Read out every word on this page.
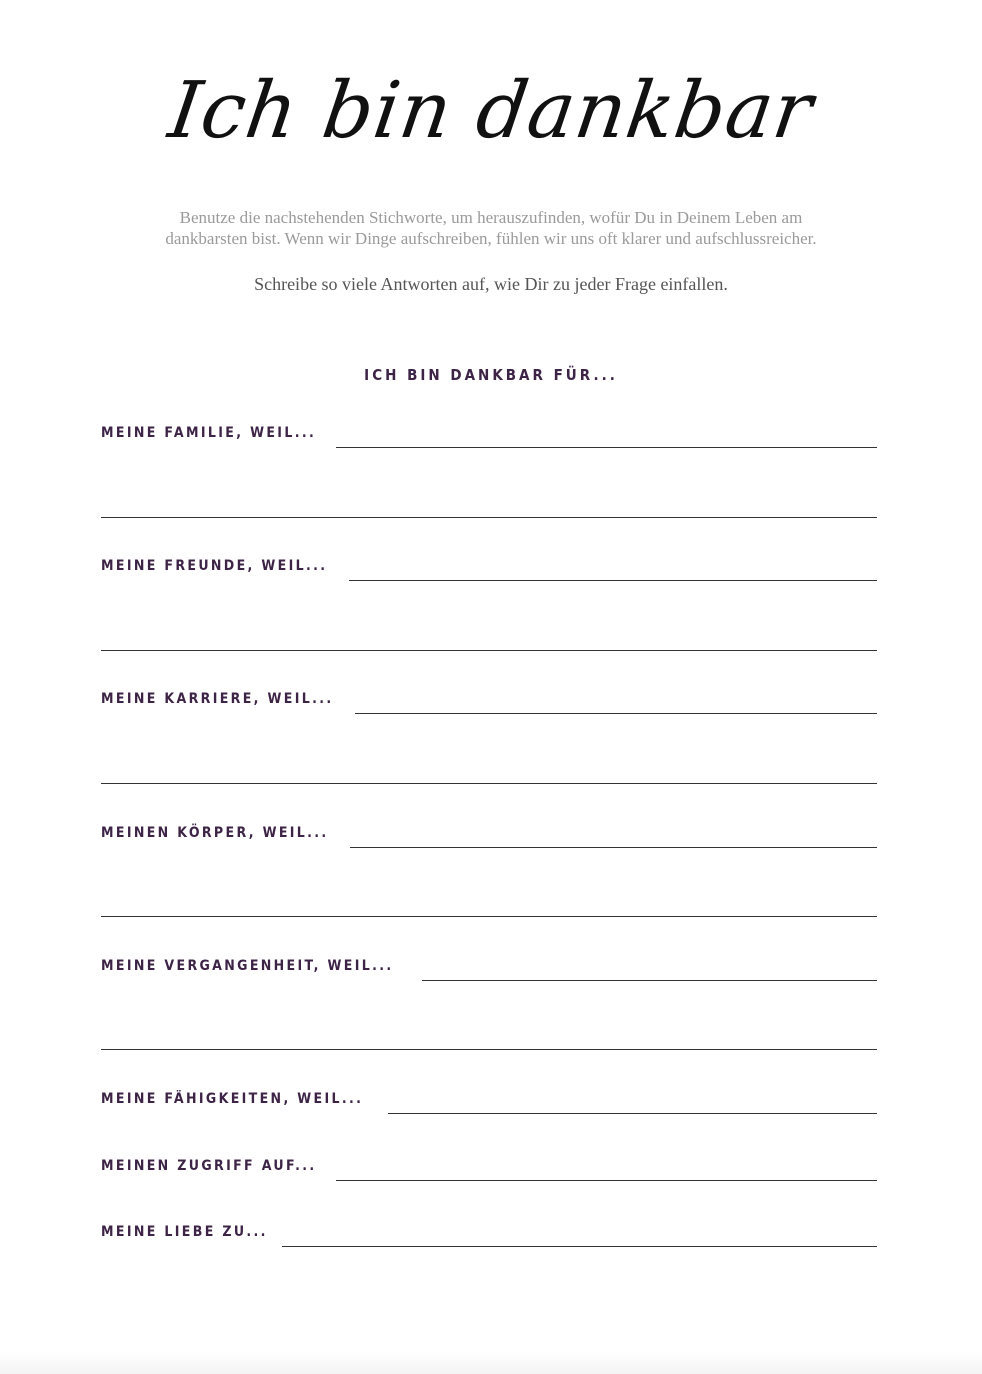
Ich bin dankbar
Benutze die nachstehenden Stichworte, um herauszufinden, wofür Du in Deinem Leben am dankbarsten bist. Wenn wir Dinge aufschreiben, fühlen wir uns oft klarer und aufschlussreicher.
Schreibe so viele Antworten auf, wie Dir zu jeder Frage einfallen.
ICH BIN DANKBAR FÜR...
MEINE FAMILIE, WEIL...
MEINE FREUNDE, WEIL...
MEINE KARRIERE, WEIL...
MEINEN KÖRPER, WEIL...
MEINE VERGANGENHEIT, WEIL...
MEINE FÄHIGKEITEN, WEIL...
MEINEN ZUGRIFF AUF...
MEINE LIEBE ZU...
